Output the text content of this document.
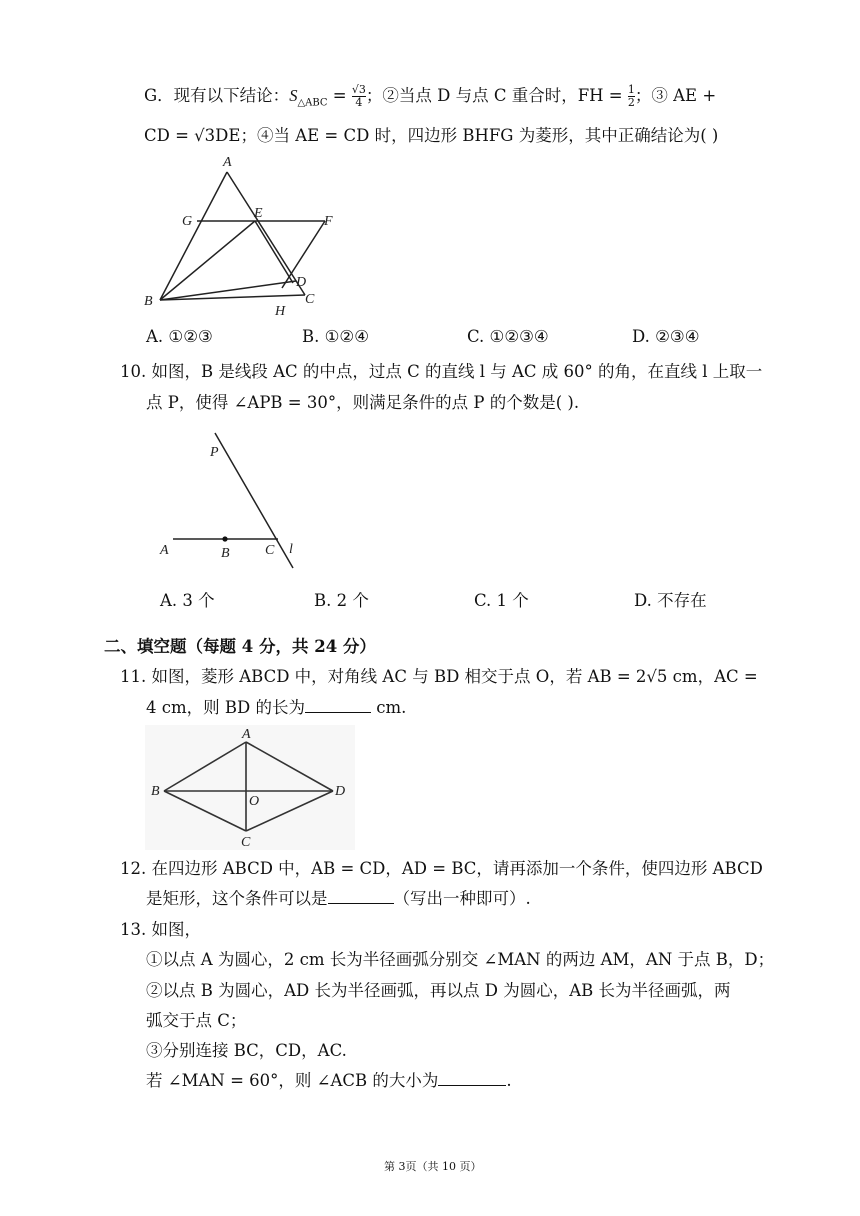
G．现有以下结论：$S_{\triangle ABC} = \frac{√3}{4}$ ；②当点 D 与点 C 重合时，FH = $\frac{1}{2}$ ；③ AE +
CD = √3DE；④当 AE = CD 时，四边形 BHFG 为菱形，其中正确结论为( )
A
G
E
F
B
D
C
H
A. ①②③	B. ①②④	C. ①②③④	D. ②③④
10. 如图，B 是线段 AC 的中点，过点 C 的直线 l 与 AC 成 60° 的角，在直线 l 上取一
点 P，使得 ∠APB = 30°，则满足条件的点 P 的个数是( ).
P
A	B	C l
A. 3 个	B. 2 个	C. 1 个	D. 不存在
二、填空题（每题 4 分，共 24 分）
11. 如图，菱形 ABCD 中，对角线 AC 与 BD 相交于点 O，若 AB = 2√5 cm，AC =
4 cm，则 BD 的长为	cm.
A
B
O
D
C
12. 在四边形 ABCD 中，AB = CD，AD = BC，请再添加一个条件，使四边形 ABCD
是矩形，这个条件可以是	（写出一种即可）.
13. 如图，
①以点 A 为圆心，2 cm 长为半径画弧分别交 ∠MAN 的两边 AM，AN 于点 B，D；
②以点 B 为圆心，AD 长为半径画弧，再以点 D 为圆心，AB 长为半径画弧，两
弧交于点 C；
③分别连接 BC，CD，AC.
若 ∠MAN = 60°，则 ∠ACB 的大小为	.
第 3页（共 10 页）
